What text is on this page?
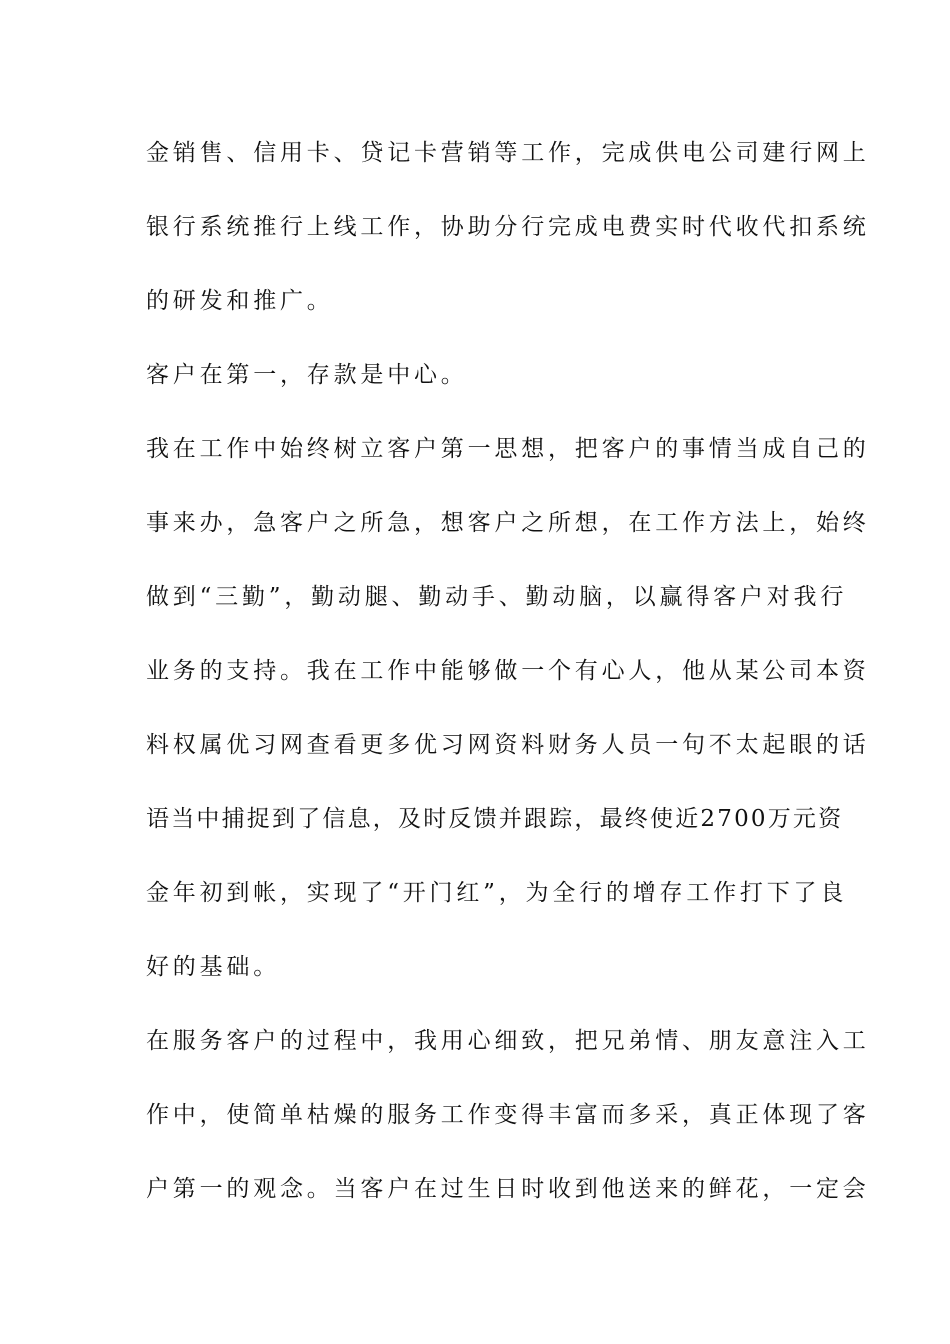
金销售、信用卡、贷记卡营销等工作，完成供电公司建行网上
银行系统推行上线工作，协助分行完成电费实时代收代扣系统
的研发和推广。
客户在第一，存款是中心。
我在工作中始终树立客户第一思想，把客户的事情当成自己的
事来办，急客户之所急，想客户之所想，在工作方法上，始终
做到“三勤”，勤动腿、勤动手、勤动脑，以赢得客户对我行
业务的支持。我在工作中能够做一个有心人，他从某公司本资
料权属优习网查看更多优习网资料财务人员一句不太起眼的话
语当中捕捉到了信息，及时反馈并跟踪，最终使近2700万元资
金年初到帐，实现了“开门红”，为全行的增存工作打下了良
好的基础。
在服务客户的过程中，我用心细致，把兄弟情、朋友意注入工
作中，使简单枯燥的服务工作变得丰富而多采，真正体现了客
户第一的观念。当客户在过生日时收到他送来的鲜花，一定会
